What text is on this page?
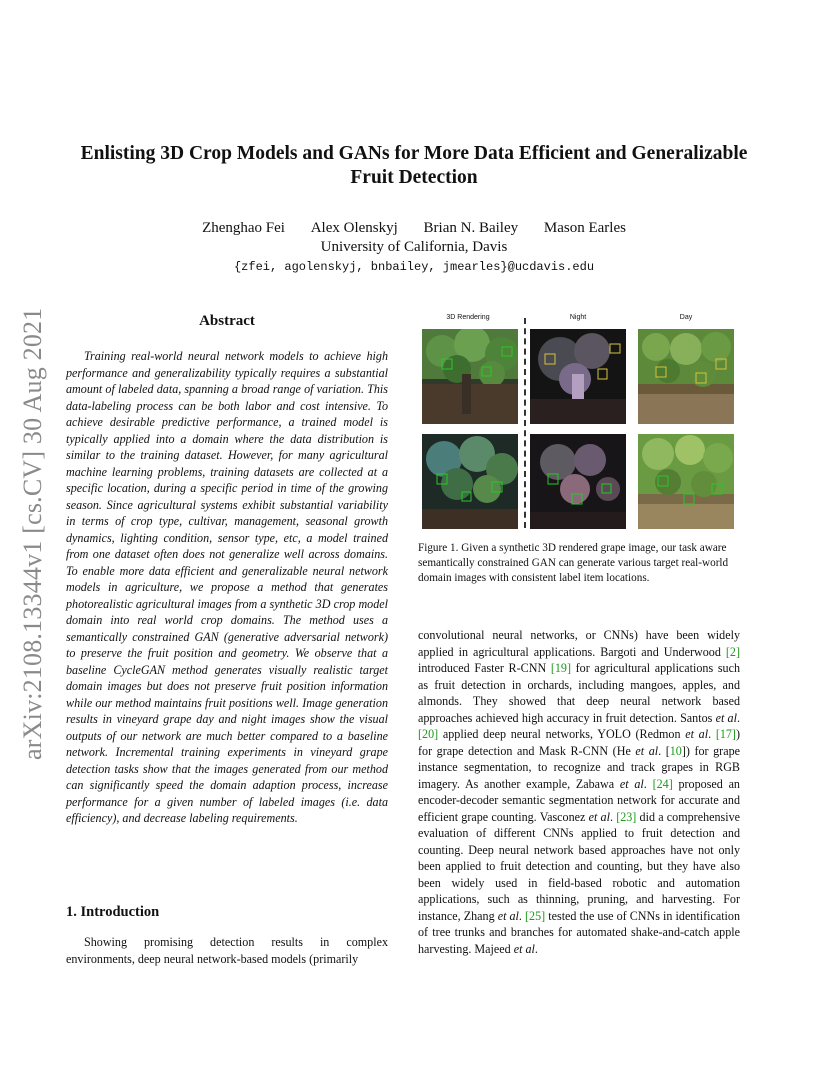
arXiv:2108.13344v1 [cs.CV] 30 Aug 2021
Enlisting 3D Crop Models and GANs for More Data Efficient and Generalizable
Fruit Detection
Zhenghao Fei Alex Olenskyj Brian N. Bailey Mason Earles
University of California, Davis
{zfei, agolenskyj, bnbailey, jmearles}@ucdavis.edu
Abstract

Training real-world neural network models to achieve high performance and generalizability typically requires a substantial amount of labeled data, spanning a broad range of variation. This data-labeling process can be both labor and cost intensive. To achieve desirable predictive performance, a trained model is typically applied into a domain where the data distribution is similar to the training dataset. However, for many agricultural machine learning problems, training datasets are collected at a specific location, during a specific period in time of the growing season. Since agricultural systems exhibit substantial variability in terms of crop type, cultivar, management, seasonal growth dynamics, lighting condition, sensor type, etc, a model trained from one dataset often does not generalize well across domains. To enable more data efficient and generalizable neural network models in agriculture, we propose a method that generates photorealistic agricultural images from a synthetic 3D crop model domain into real world crop domains. The method uses a semantically constrained GAN (generative adversarial network) to preserve the fruit position and geometry. We observe that a baseline CycleGAN method generates visually realistic target domain images but does not preserve fruit position information while our method maintains fruit positions well. Image generation results in vineyard grape day and night images show the visual outputs of our network are much better compared to a baseline network. Incremental training experiments in vineyard grape detection tasks show that the images generated from our method can significantly speed the domain adaption process, increase performance for a given number of labeled images (i.e. data efficiency), and decrease labeling requirements.

1. Introduction

Showing promising detection results in complex environments, deep neural network-based models (primarily

3D Rendering	Night	Day
Figure 1. Given a synthetic 3D rendered grape image, our task aware semantically constrained GAN can generate various target real-world domain images with consistent label item locations.

convolutional neural networks, or CNNs) have been widely applied in agricultural applications. Bargoti and Underwood [2] introduced Faster R-CNN [19] for agricultural applications such as fruit detection in orchards, including mangoes, apples, and almonds. They showed that deep neural network based approaches achieved high accuracy in fruit detection. Santos et al. [20] applied deep neural networks, YOLO (Redmon et al. [17]) for grape detection and Mask R-CNN (He et al. [10]) for grape instance segmentation, to recognize and track grapes in RGB imagery. As another example, Zabawa et al. [24] proposed an encoder-decoder semantic segmentation network for accurate and efficient grape counting. Vasconez et al. [23] did a comprehensive evaluation of different CNNs applied to fruit detection and counting. Deep neural network based approaches have not only been applied to fruit detection and counting, but they have also been widely used in field-based robotic and automation applications, such as thinning, pruning, and harvesting. For instance, Zhang et al. [25] tested the use of CNNs in identification of tree trunks and branches for automated shake-and-catch apple harvesting. Majeed et al.
